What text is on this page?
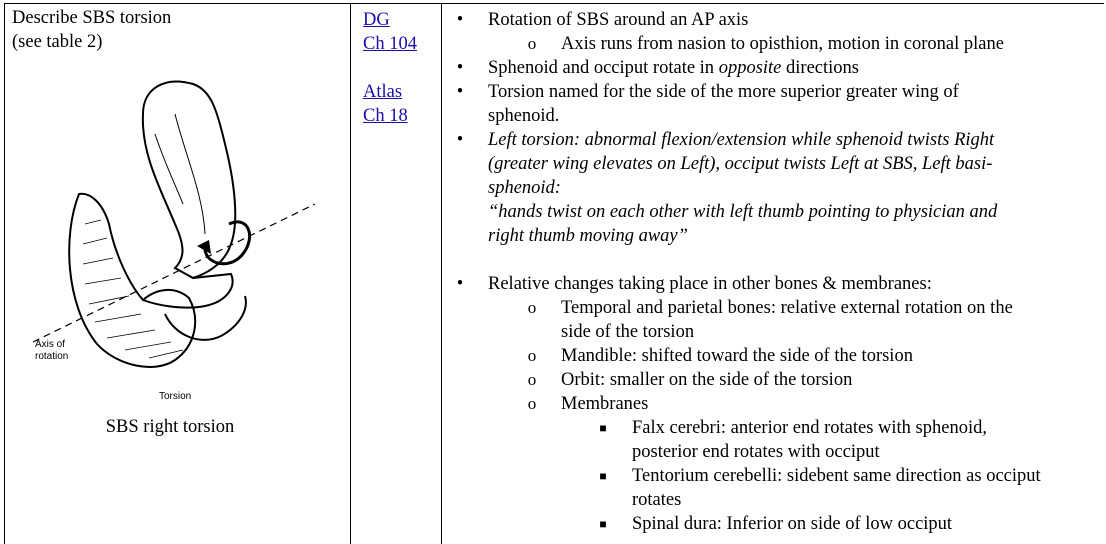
Describe SBS torsion
(see table 2)
Axis of
rotation
Torsion
SBS right torsion
DG
Ch 104
Atlas
Ch 18
•	Rotation of SBS around an AP axis
o	Axis runs from nasion to opisthion, motion in coronal plane
•	Sphenoid and occiput rotate in opposite directions
•	Torsion named for the side of the more superior greater wing of
sphenoid.
•	Left torsion: abnormal flexion/extension while sphenoid twists Right
(greater wing elevates on Left), occiput twists Left at SBS, Left basi-
sphenoid:
“hands twist on each other with left thumb pointing to physician and
right thumb moving away”
•	Relative changes taking place in other bones & membranes:
o	Temporal and parietal bones: relative external rotation on the
side of the torsion
o	Mandible: shifted toward the side of the torsion
o	Orbit: smaller on the side of the torsion
o	Membranes
■	Falx cerebri: anterior end rotates with sphenoid,
posterior end rotates with occiput
■	Tentorium cerebelli: sidebent same direction as occiput
rotates
■	Spinal dura: Inferior on side of low occiput
